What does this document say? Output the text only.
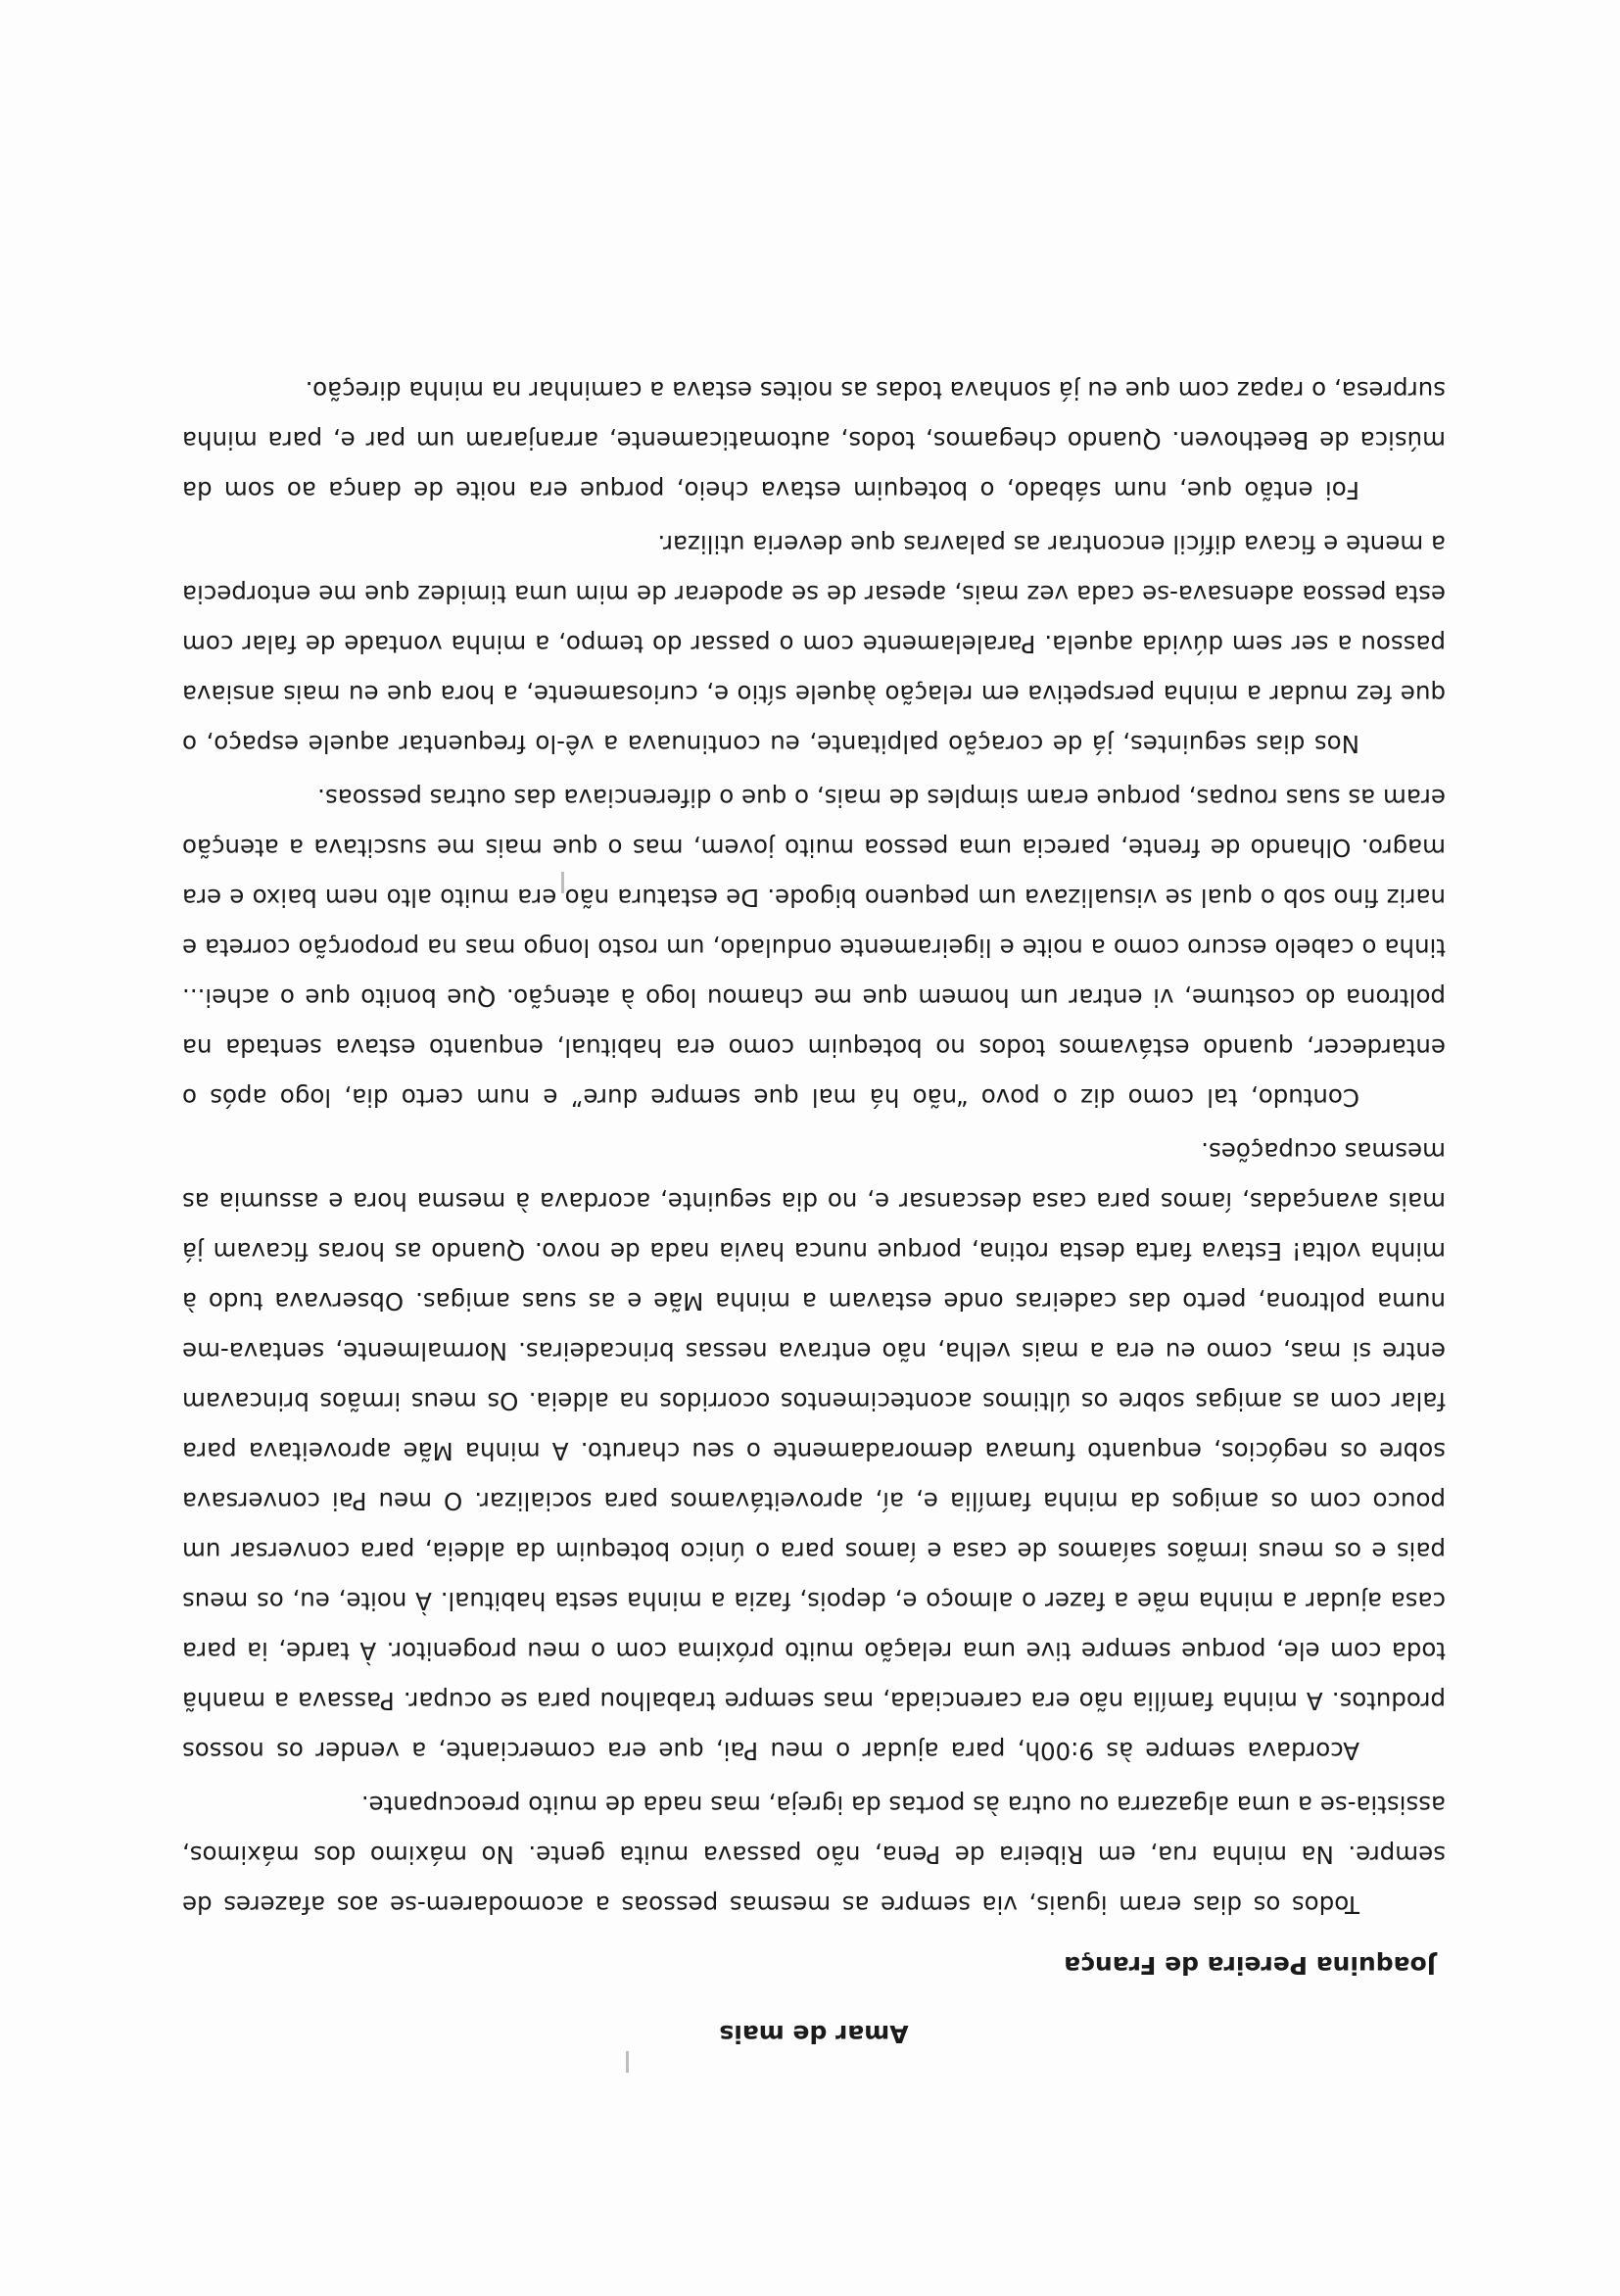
Amar de mais
Joaquina Pereira de França

Todos os dias eram iguais, via sempre as mesmas pessoas a acomodarem-se aos afazeres de sempre. Na minha rua, em Ribeira de Pena, não passava muita gente. No máximo dos máximos, assistia-se a uma algazarra ou outra às portas da igreja, mas nada de muito preocupante.

Acordava sempre às 9:00h, para ajudar o meu Pai, que era comerciante, a vender os nossos produtos. A minha família não era carenciada, mas sempre trabalhou para se ocupar. Passava a manhã toda com ele, porque sempre tive uma relação muito próxima com o meu progenitor. À tarde, ia para casa ajudar a minha mãe a fazer o almoço e, depois, fazia a minha sesta habitual. À noite, eu, os meus pais e os meus irmãos saíamos de casa e íamos para o único botequim da aldeia, para conversar um pouco com os amigos da minha família e, aí, aproveitávamos para socializar. O meu Pai conversava sobre os negócios, enquanto fumava demoradamente o seu charuto. A minha Mãe aproveitava para falar com as amigas sobre os últimos acontecimentos ocorridos na aldeia. Os meus irmãos brincavam entre si mas, como eu era a mais velha, não entrava nessas brincadeiras. Normalmente, sentava-me numa poltrona, perto das cadeiras onde estavam a minha Mãe e as suas amigas. Observava tudo à minha volta! Estava farta desta rotina, porque nunca havia nada de novo. Quando as horas ficavam já mais avançadas, íamos para casa descansar e, no dia seguinte, acordava à mesma hora e assumia as mesmas ocupações.

Contudo, tal como diz o povo “não há mal que sempre dure” e num certo dia, logo após o entardecer, quando estávamos todos no botequim como era habitual, enquanto estava sentada na poltrona do costume, vi entrar um homem que me chamou logo à atenção. Que bonito que o achei... tinha o cabelo escuro como a noite e ligeiramente ondulado, um rosto longo mas na proporção correta e nariz fino sob o qual se visualizava um pequeno bigode. De estatura não era muito alto nem baixo e era magro. Olhando de frente, parecia uma pessoa muito jovem, mas o que mais me suscitava a atenção eram as suas roupas, porque eram simples de mais, o que o diferenciava das outras pessoas.

Nos dias seguintes, já de coração palpitante, eu continuava a vê-lo frequentar aquele espaço, o que fez mudar a minha perspetiva em relação àquele sítio e, curiosamente, a hora que eu mais ansiava passou a ser sem dúvida aquela. Paralelamente com o passar do tempo, a minha vontade de falar com esta pessoa adensava-se cada vez mais, apesar de se apoderar de mim uma timidez que me entorpecia a mente e ficava difícil encontrar as palavras que deveria utilizar.

Foi então que, num sábado, o botequim estava cheio, porque era noite de dança ao som da música de Beethoven. Quando chegamos, todos, automaticamente, arranjaram um par e, para minha surpresa, o rapaz com que eu já sonhava todas as noites estava a caminhar na minha direção.
